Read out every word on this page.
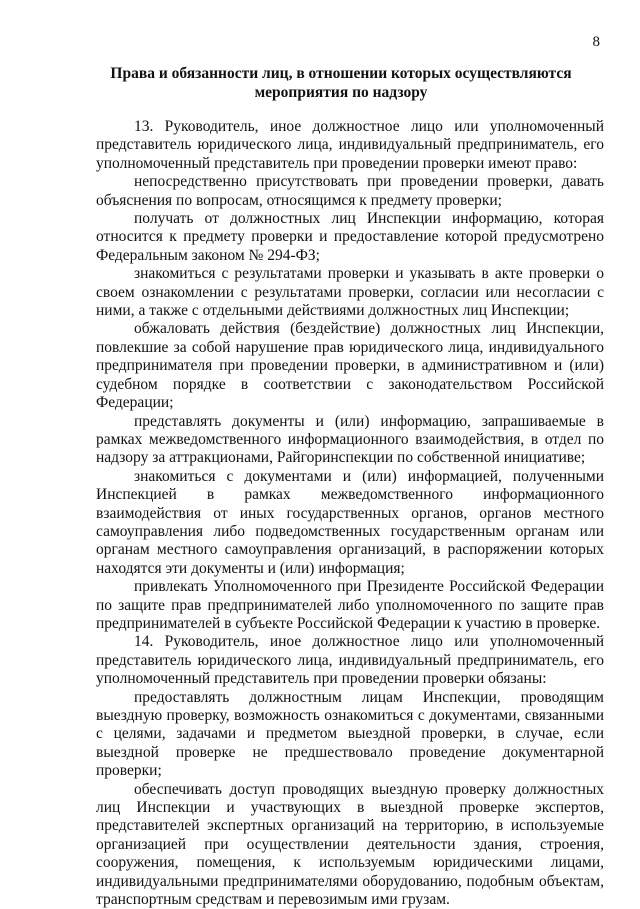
8
Права и обязанности лиц, в отношении которых осуществляются мероприятия по надзору

13. Руководитель, иное должностное лицо или уполномоченный представитель юридического лица, индивидуальный предприниматель, его уполномоченный представитель при проведении проверки имеют право:

непосредственно присутствовать при проведении проверки, давать объяснения по вопросам, относящимся к предмету проверки;

получать от должностных лиц Инспекции информацию, которая относится к предмету проверки и предоставление которой предусмотрено Федеральным законом № 294-ФЗ;

знакомиться с результатами проверки и указывать в акте проверки о своем ознакомлении с результатами проверки, согласии или несогласии с ними, а также с отдельными действиями должностных лиц Инспекции;

обжаловать действия (бездействие) должностных лиц Инспекции, повлекшие за собой нарушение прав юридического лица, индивидуального предпринимателя при проведении проверки, в административном и (или) судебном порядке в соответствии с законодательством Российской Федерации;

представлять документы и (или) информацию, запрашиваемые в рамках межведомственного информационного взаимодействия, в отдел по надзору за аттракционами, Райгоринспекции по собственной инициативе;

знакомиться с документами и (или) информацией, полученными Инспекцией в рамках межведомственного информационного взаимодействия от иных государственных органов, органов местного самоуправления либо подведомственных государственным органам или органам местного самоуправления организаций, в распоряжении которых находятся эти документы и (или) информация;

привлекать Уполномоченного при Президенте Российской Федерации по защите прав предпринимателей либо уполномоченного по защите прав предпринимателей в субъекте Российской Федерации к участию в проверке.

14. Руководитель, иное должностное лицо или уполномоченный представитель юридического лица, индивидуальный предприниматель, его уполномоченный представитель при проведении проверки обязаны:

предоставлять должностным лицам Инспекции, проводящим выездную проверку, возможность ознакомиться с документами, связанными с целями, задачами и предметом выездной проверки, в случае, если выездной проверке не предшествовало проведение документарной проверки;

обеспечивать доступ проводящих выездную проверку должностных лиц Инспекции и участвующих в выездной проверке экспертов, представителей экспертных организаций на территорию, в используемые организацией при осуществлении деятельности здания, строения, сооружения, помещения, к используемым юридическими лицами, индивидуальными предпринимателями оборудованию, подобным объектам, транспортным средствам и перевозимым ими грузам.
